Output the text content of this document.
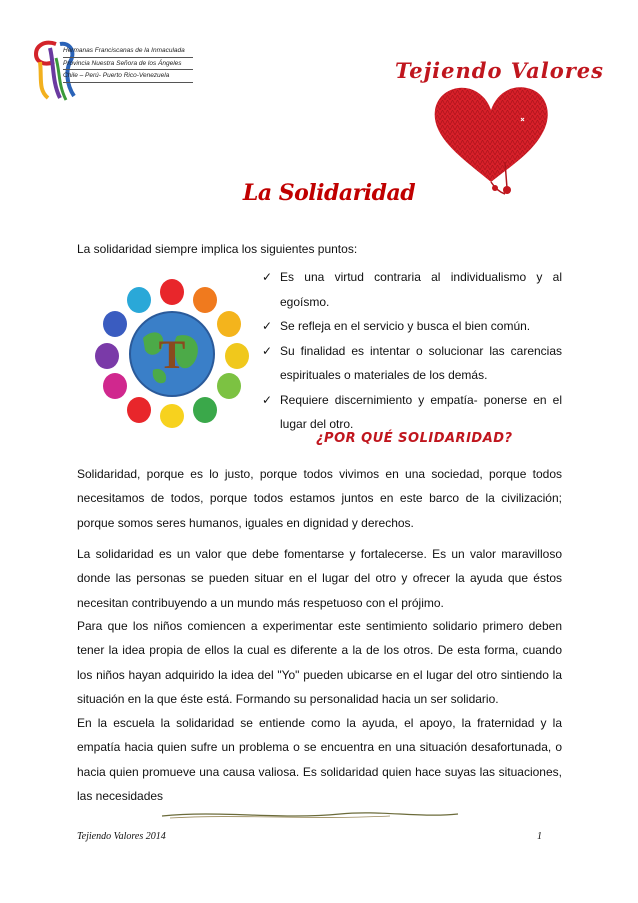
Hermanas Franciscanas de la Inmaculada
Provincia Nuestra Señora de los Ángeles
Chile – Perú- Puerto Rico-Venezuela	Tejiendo Valores
La Solidaridad
La solidaridad siempre implica los siguientes puntos:
T
✓ Es una virtud contraria al individualismo y al egoísmo.
✓ Se refleja en el servicio y busca el bien común.
✓ Su finalidad es intentar o solucionar las carencias espirituales o materiales de los demás.
✓ Requiere discernimiento y empatía- ponerse en el lugar del otro.
¿POR QUÉ SOLIDARIDAD?
Solidaridad, porque es lo justo, porque todos vivimos en una sociedad, porque todos necesitamos de todos, porque todos estamos juntos en este barco de la civilización; porque somos seres humanos, iguales en dignidad y derechos.
La solidaridad es un valor que debe fomentarse y fortalecerse. Es un valor maravilloso donde las personas se pueden situar en el lugar del otro y ofrecer la ayuda que éstos necesitan contribuyendo a un mundo más respetuoso con el prójimo.
Para que los niños comiencen a experimentar este sentimiento solidario primero deben tener la idea propia de ellos la cual es diferente a la de los otros. De esta forma, cuando los niños hayan adquirido la idea del "Yo" pueden ubicarse en el lugar del otro sintiendo la situación en la que éste está. Formando su personalidad hacia un ser solidario.
En la escuela la solidaridad se entiende como la ayuda, el apoyo, la fraternidad y la empatía hacia quien sufre un problema o se encuentra en una situación desafortunada, o hacia quien promueve una causa valiosa. Es solidaridad quien hace suyas las situaciones, las necesidades
Tejiendo Valores 2014	1
